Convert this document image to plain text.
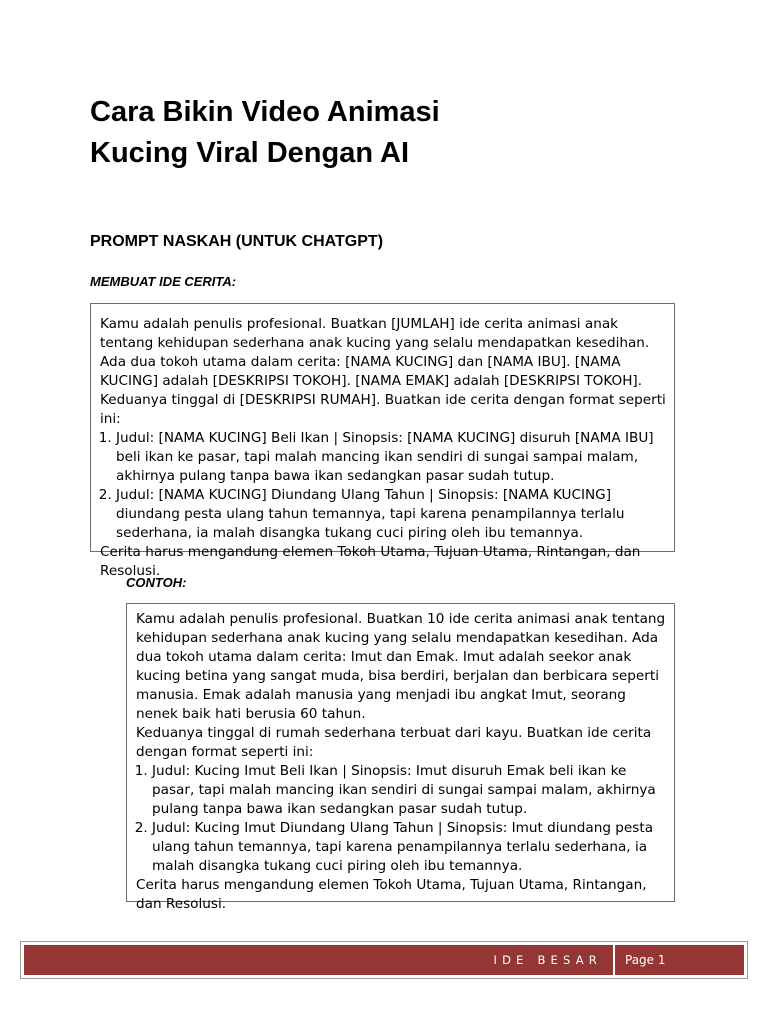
Cara Bikin Video Animasi
Kucing Viral Dengan AI
PROMPT NASKAH (UNTUK CHATGPT)
MEMBUAT IDE CERITA:

Kamu adalah penulis profesional. Buatkan [JUMLAH] ide cerita animasi anak tentang kehidupan sederhana anak kucing yang selalu mendapatkan kesedihan. Ada dua tokoh utama dalam cerita: [NAMA KUCING] dan [NAMA IBU]. [NAMA KUCING] adalah [DESKRIPSI TOKOH]. [NAMA EMAK] adalah [DESKRIPSI TOKOH]. Keduanya tinggal di [DESKRIPSI RUMAH]. Buatkan ide cerita dengan format seperti ini:

1. Judul: [NAMA KUCING] Beli Ikan | Sinopsis: [NAMA KUCING] disuruh [NAMA IBU] beli ikan ke pasar, tapi malah mancing ikan sendiri di sungai sampai malam, akhirnya pulang tanpa bawa ikan sedangkan pasar sudah tutup.
2. Judul: [NAMA KUCING] Diundang Ulang Tahun | Sinopsis: [NAMA KUCING] diundang pesta ulang tahun temannya, tapi karena penampilannya terlalu sederhana, ia malah disangka tukang cuci piring oleh ibu temannya.

Cerita harus mengandung elemen Tokoh Utama, Tujuan Utama, Rintangan, dan Resolusi.

CONTOH:

Kamu adalah penulis profesional. Buatkan 10 ide cerita animasi anak tentang kehidupan sederhana anak kucing yang selalu mendapatkan kesedihan. Ada dua tokoh utama dalam cerita: Imut dan Emak. Imut adalah seekor anak kucing betina yang sangat muda, bisa berdiri, berjalan dan berbicara seperti manusia. Emak adalah manusia yang menjadi ibu angkat Imut, seorang nenek baik hati berusia 60 tahun.

Keduanya tinggal di rumah sederhana terbuat dari kayu. Buatkan ide cerita dengan format seperti ini:

1. Judul: Kucing Imut Beli Ikan | Sinopsis: Imut disuruh Emak beli ikan ke pasar, tapi malah mancing ikan sendiri di sungai sampai malam, akhirnya pulang tanpa bawa ikan sedangkan pasar sudah tutup.
2. Judul: Kucing Imut Diundang Ulang Tahun | Sinopsis: Imut diundang pesta ulang tahun temannya, tapi karena penampilannya terlalu sederhana, ia malah disangka tukang cuci piring oleh ibu temannya.

Cerita harus mengandung elemen Tokoh Utama, Tujuan Utama, Rintangan, dan Resolusi.

IDE BESAR Page 1
